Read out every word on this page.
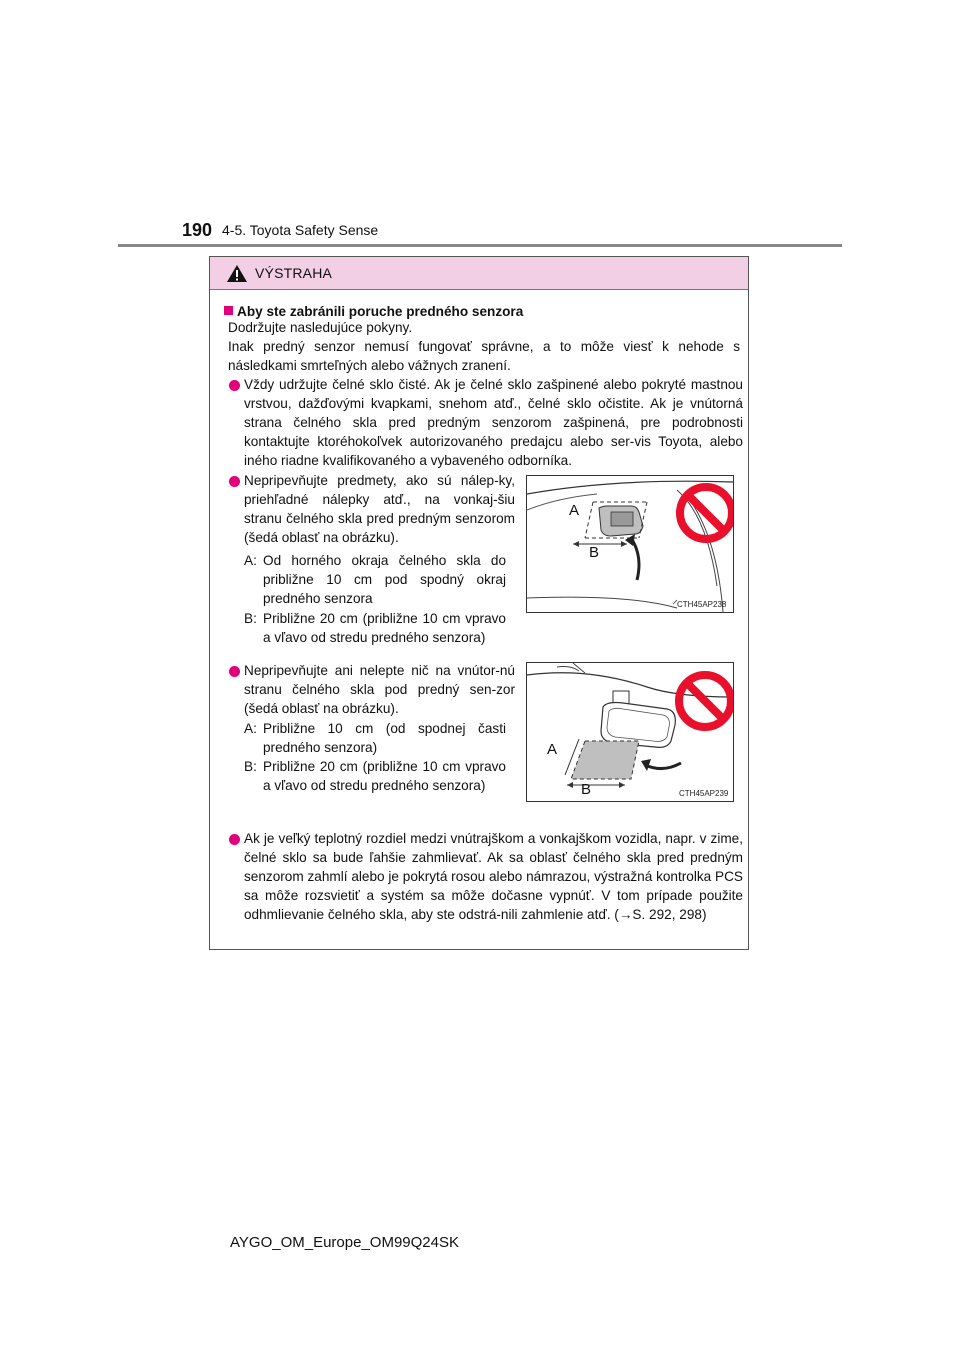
190 4-5. Toyota Safety Sense
VÝSTRAHA
Aby ste zabránili poruche predného senzora
Dodržujte nasledujúce pokyny.
Inak predný senzor nemusí fungovať správne, a to môže viesť k nehode s následkami smrteľných alebo vážnych zranení.
Vždy udržujte čelné sklo čisté. Ak je čelné sklo zašpinené alebo pokryté mastnou vrstvou, dažďovými kvapkami, snehom atď., čelné sklo očistite. Ak je vnútorná strana čelného skla pred predným senzorom zašpinená, pre podrobnosti kontaktujte ktoréhokoľvek autorizovaného predajcu alebo ser-vis Toyota, alebo iného riadne kvalifikovaného a vybaveného odborníka.
Nepripevňujte predmety, ako sú nálep-ky, priehľadné nálepky atď., na vonkaj-šiu stranu čelného skla pred predným senzorom (šedá oblasť na obrázku).
A: Od horného okraja čelného skla do približne 10 cm pod spodný okraj predného senzora
B: Približne 20 cm (približne 10 cm vpravo a vľavo od stredu predného senzora)
Nepripevňujte ani nelepte nič na vnútor-nú stranu čelného skla pod predný sen-zor (šedá oblasť na obrázku).
A: Približne 10 cm (od spodnej časti predného senzora)
B: Približne 20 cm (približne 10 cm vpravo a vľavo od stredu predného senzora)
Ak je veľký teplotný rozdiel medzi vnútrajškom a vonkajškom vozidla, napr. v zime, čelné sklo sa bude ľahšie zahmlievať. Ak sa oblasť čelného skla pred predným senzorom zahmlí alebo je pokrytá rosou alebo námrazou, výstražná kontrolka PCS sa môže rozsvietiť a systém sa môže dočasne vypnúť. V tom prípade použite odhmlievanie čelného skla, aby ste odstrá-nili zahmlenie atď. (→S. 292, 298)
CTH45AP238
A
B
CTH45AP239
A
B
AYGO_OM_Europe_OM99Q24SK
